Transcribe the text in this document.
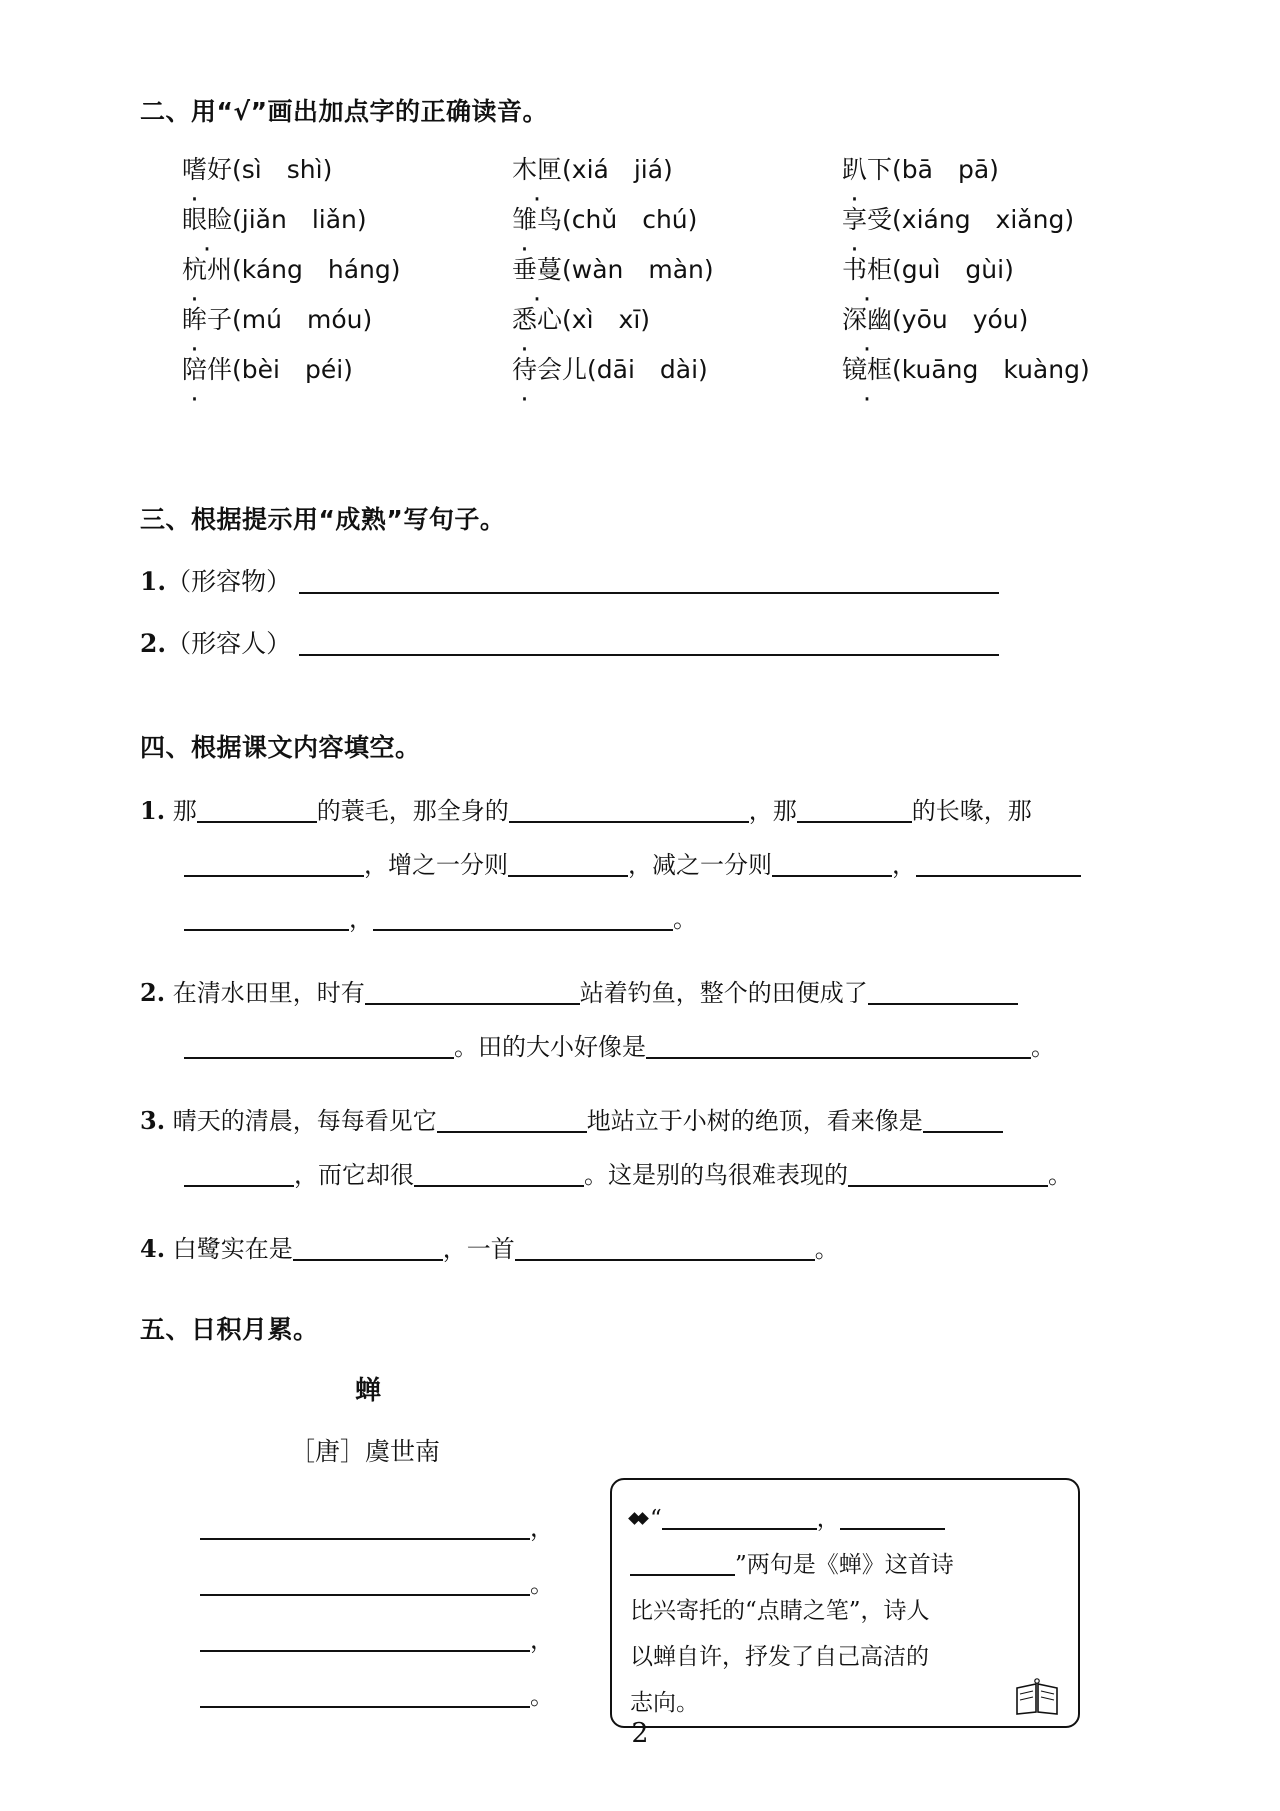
二、用“√”画出加点字的正确读音。
嗜好(sì　shì)	木匣(xiá　jiá)	趴下(bā　pā)
眼睑(jiǎn　liǎn)	雏鸟(chǔ　chú)	享受(xiáng　xiǎng)
杭州(káng　háng)	垂蔓(wàn　màn)	书柜(guì　gùi)
眸子(mú　móu)	悉心(xì　xī)	深幽(yōu　yóu)
陪伴(bèi　péi)	待会儿(dāi　dài)	镜框(kuāng　kuàng)
三、根据提示用“成熟”写句子。
1.（形容物）
2.（形容人）
四、根据课文内容填空。
1. 那	的蓑毛，那全身的	，那	的长喙，那
，增之一分则	，减之一分则	，
，	。
2. 在清水田里，时有	站着钓鱼，整个的田便成了
。田的大小好像是	。
3. 晴天的清晨，每每看见它	地站立于小树的绝顶，看来像是
，而它却很	。这是别的鸟很难表现的	。
4. 白鹭实在是	，一首	。
五、日积月累。
蝉
［唐］虞世南
，
。
，
。
“	，
”两句是《蝉》这首诗
比兴寄托的“点睛之笔”，诗人
以蝉自许，抒发了自己高洁的
志向。
2
